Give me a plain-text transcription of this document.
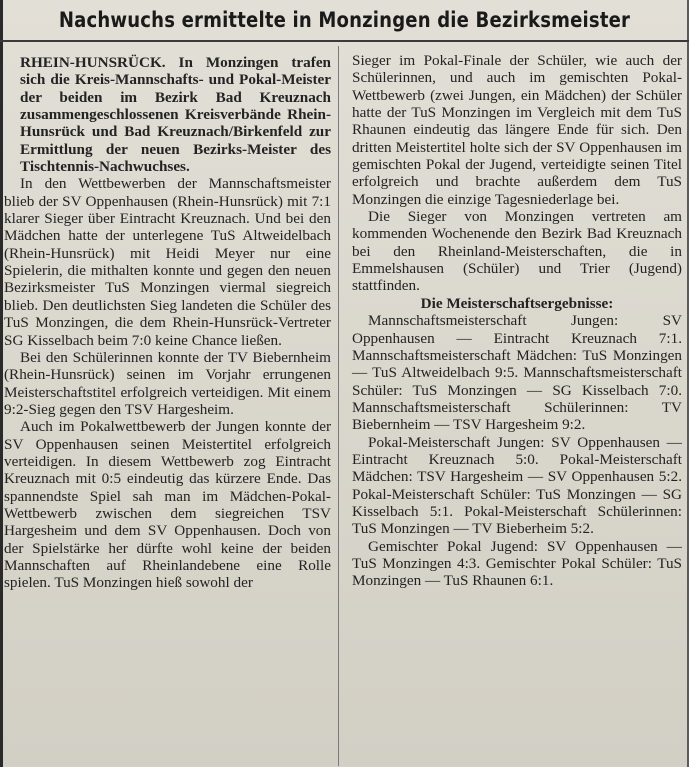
Nachwuchs ermittelte in Monzingen die Bezirksmeister

RHEIN-HUNSRÜCK. In Monzingen trafen sich die Kreis-Mannschafts- und Pokal-Meister der beiden im Bezirk Bad Kreuznach zusammengeschlossenen Kreisverbände Rhein-Hunsrück und Bad Kreuznach/Birkenfeld zur Ermittlung der neuen Bezirks-Meister des Tischtennis-Nachwuchses.

In den Wettbewerben der Mannschaftsmeister blieb der SV Oppenhausen (Rhein-Hunsrück) mit 7:1 klarer Sieger über Eintracht Kreuznach. Und bei den Mädchen hatte der unterlegene TuS Altweidelbach (Rhein-Hunsrück) mit Heidi Meyer nur eine Spielerin, die mithalten konnte und gegen den neuen Bezirksmeister TuS Monzingen viermal siegreich blieb. Den deutlichsten Sieg landeten die Schüler des TuS Monzingen, die dem Rhein-Hunsrück-Vertreter SG Kisselbach beim 7:0 keine Chance ließen.

Bei den Schülerinnen konnte der TV Biebernheim (Rhein-Hunsrück) seinen im Vorjahr errungenen Meisterschaftstitel erfolgreich verteidigen. Mit einem 9:2-Sieg gegen den TSV Hargesheim.

Auch im Pokalwettbewerb der Jungen konnte der SV Oppenhausen seinen Meistertitel erfolgreich verteidigen. In diesem Wettbewerb zog Eintracht Kreuznach mit 0:5 eindeutig das kürzere Ende. Das spannendste Spiel sah man im Mädchen-Pokal-Wettbewerb zwischen dem siegreichen TSV Hargesheim und dem SV Oppenhausen. Doch von der Spielstärke her dürfte wohl keine der beiden Mannschaften auf Rheinlandebene eine Rolle spielen. TuS Monzingen hieß sowohl der

Sieger im Pokal-Finale der Schüler, wie auch der Schülerinnen, und auch im gemischten Pokal-Wettbewerb (zwei Jungen, ein Mädchen) der Schüler hatte der TuS Monzingen im Vergleich mit dem TuS Rhaunen eindeutig das längere Ende für sich. Den dritten Meistertitel holte sich der SV Oppenhausen im gemischten Pokal der Jugend, verteidigte seinen Titel erfolgreich und brachte außerdem dem TuS Monzingen die einzige Tagesniederlage bei.

Die Sieger von Monzingen vertreten am kommenden Wochenende den Bezirk Bad Kreuznach bei den Rheinland-Meisterschaften, die in Emmelshausen (Schüler) und Trier (Jugend) stattfinden.

Die Meisterschaftsergebnisse:

Mannschaftsmeisterschaft Jungen: SV Oppenhausen — Eintracht Kreuznach 7:1. Mannschaftsmeisterschaft Mädchen: TuS Monzingen — TuS Altweidelbach 9:5. Mannschaftsmeisterschaft Schüler: TuS Monzingen — SG Kisselbach 7:0. Mannschaftsmeisterschaft Schülerinnen: TV Biebernheim — TSV Hargesheim 9:2.

Pokal-Meisterschaft Jungen: SV Oppenhausen — Eintracht Kreuznach 5:0. Pokal-Meisterschaft Mädchen: TSV Hargesheim — SV Oppenhausen 5:2. Pokal-Meisterschaft Schüler: TuS Monzingen — SG Kisselbach 5:1. Pokal-Meisterschaft Schülerinnen: TuS Monzingen — TV Bieberheim 5:2.

Gemischter Pokal Jugend: SV Oppenhausen — TuS Monzingen 4:3. Gemischter Pokal Schüler: TuS Monzingen — TuS Rhaunen 6:1.
